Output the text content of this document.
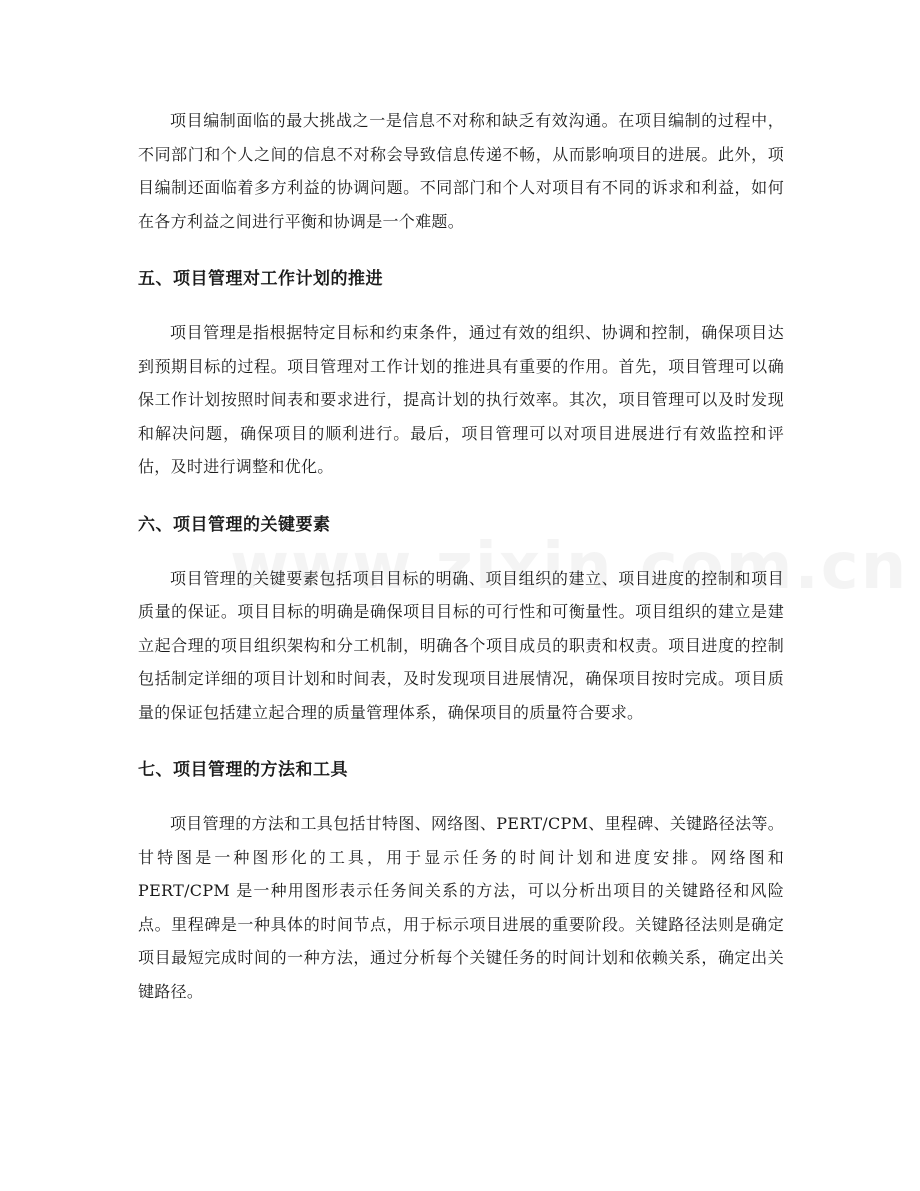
项目编制面临的最大挑战之一是信息不对称和缺乏有效沟通。在项目编制的过程中，不同部门和个人之间的信息不对称会导致信息传递不畅，从而影响项目的进展。此外，项目编制还面临着多方利益的协调问题。不同部门和个人对项目有不同的诉求和利益，如何在各方利益之间进行平衡和协调是一个难题。

五、项目管理对工作计划的推进

项目管理是指根据特定目标和约束条件，通过有效的组织、协调和控制，确保项目达到预期目标的过程。项目管理对工作计划的推进具有重要的作用。首先，项目管理可以确保工作计划按照时间表和要求进行，提高计划的执行效率。其次，项目管理可以及时发现和解决问题，确保项目的顺利进行。最后，项目管理可以对项目进展进行有效监控和评估，及时进行调整和优化。

六、项目管理的关键要素

项目管理的关键要素包括项目目标的明确、项目组织的建立、项目进度的控制和项目质量的保证。项目目标的明确是确保项目目标的可行性和可衡量性。项目组织的建立是建立起合理的项目组织架构和分工机制，明确各个项目成员的职责和权责。项目进度的控制包括制定详细的项目计划和时间表，及时发现项目进展情况，确保项目按时完成。项目质量的保证包括建立起合理的质量管理体系，确保项目的质量符合要求。

七、项目管理的方法和工具

项目管理的方法和工具包括甘特图、网络图、PERT/CPM、里程碑、关键路径法等。甘特图是一种图形化的工具，用于显示任务的时间计划和进度安排。网络图和 PERT/CPM 是一种用图形表示任务间关系的方法，可以分析出项目的关键路径和风险点。里程碑是一种具体的时间节点，用于标示项目进展的重要阶段。关键路径法则是确定项目最短完成时间的一种方法，通过分析每个关键任务的时间计划和依赖关系，确定出关键路径。
